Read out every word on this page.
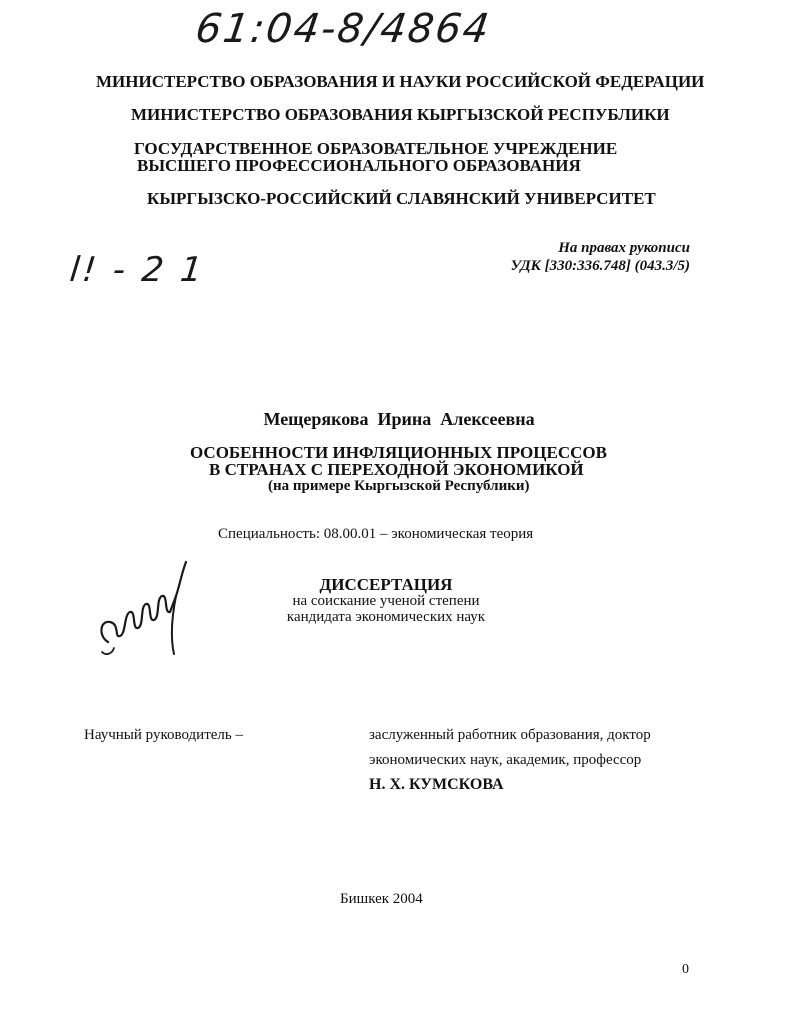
61:04-8/4864
МИНИСТЕРСТВО ОБРАЗОВАНИЯ И НАУКИ РОССИЙСКОЙ ФЕДЕРАЦИИ
МИНИСТЕРСТВО ОБРАЗОВАНИЯ КЫРГЫЗСКОЙ РЕСПУБЛИКИ
ГОСУДАРСТВЕННОЕ ОБРАЗОВАТЕЛЬНОЕ УЧРЕЖДЕНИЕ
ВЫСШЕГО ПРОФЕССИОНАЛЬНОГО ОБРАЗОВАНИЯ
КЫРГЫЗСКО-РОССИЙСКИЙ СЛАВЯНСКИЙ УНИВЕРСИТЕТ
На правах рукописи
УДК [330:336.748] (043.3/5)
l! - 2 1
Мещерякова  Ирина  Алексеевна
ОСОБЕННОСТИ ИНФЛЯЦИОННЫХ ПРОЦЕССОВ
В СТРАНАХ С ПЕРЕХОДНОЙ ЭКОНОМИКОЙ
(на примере Кыргызской Республики)
Специальность: 08.00.01 – экономическая теория
ДИССЕРТАЦИЯ
на соискание ученой степени
кандидата экономических наук
Научный руководитель –	заслуженный работник образования, доктор
экономических наук, академик, профессор
Н. Х. КУМСКОВА
Бишкек 2004
0
